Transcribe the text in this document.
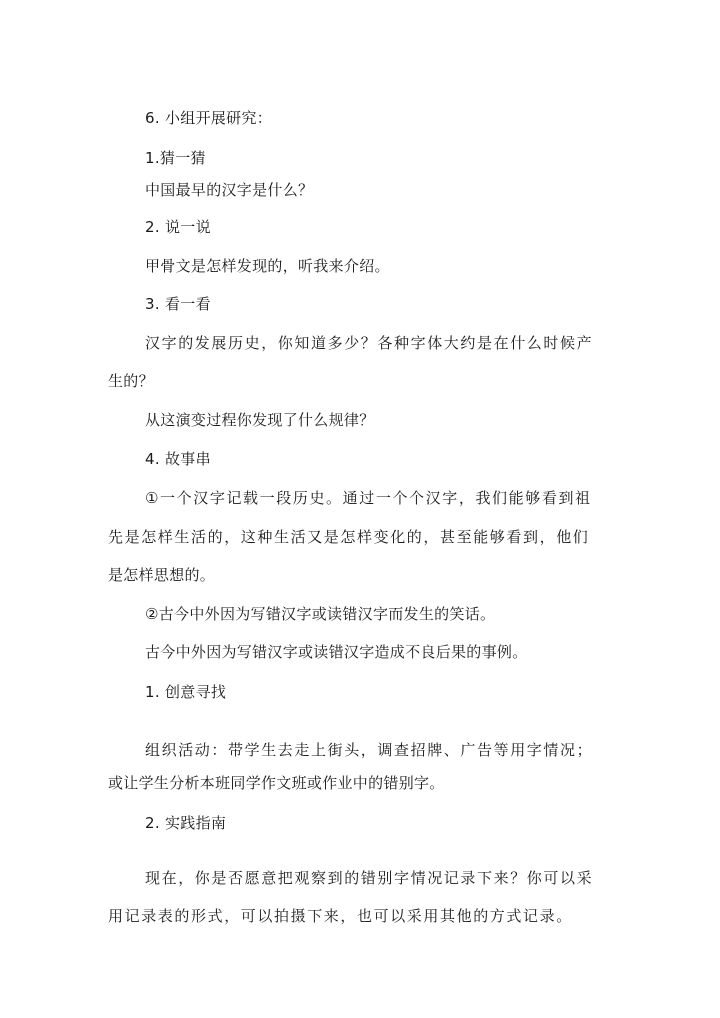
6. 小组开展研究：
1.猜一猜
中国最早的汉字是什么？
2. 说一说
甲骨文是怎样发现的，听我来介绍。
3. 看一看
汉字的发展历史，你知道多少？各种字体大约是在什么时候产
生的？
从这演变过程你发现了什么规律？
4. 故事串
①一个汉字记载一段历史。通过一个个汉字，我们能够看到祖
先是怎样生活的，这种生活又是怎样变化的，甚至能够看到，他们
是怎样思想的。
②古今中外因为写错汉字或读错汉字而发生的笑话。
古今中外因为写错汉字或读错汉字造成不良后果的事例。
1. 创意寻找
组织活动：带学生去走上街头，调查招牌、广告等用字情况；
或让学生分析本班同学作文班或作业中的错别字。
2. 实践指南
现在，你是否愿意把观察到的错别字情况记录下来？你可以采
用记录表的形式，可以拍摄下来，也可以采用其他的方式记录。
